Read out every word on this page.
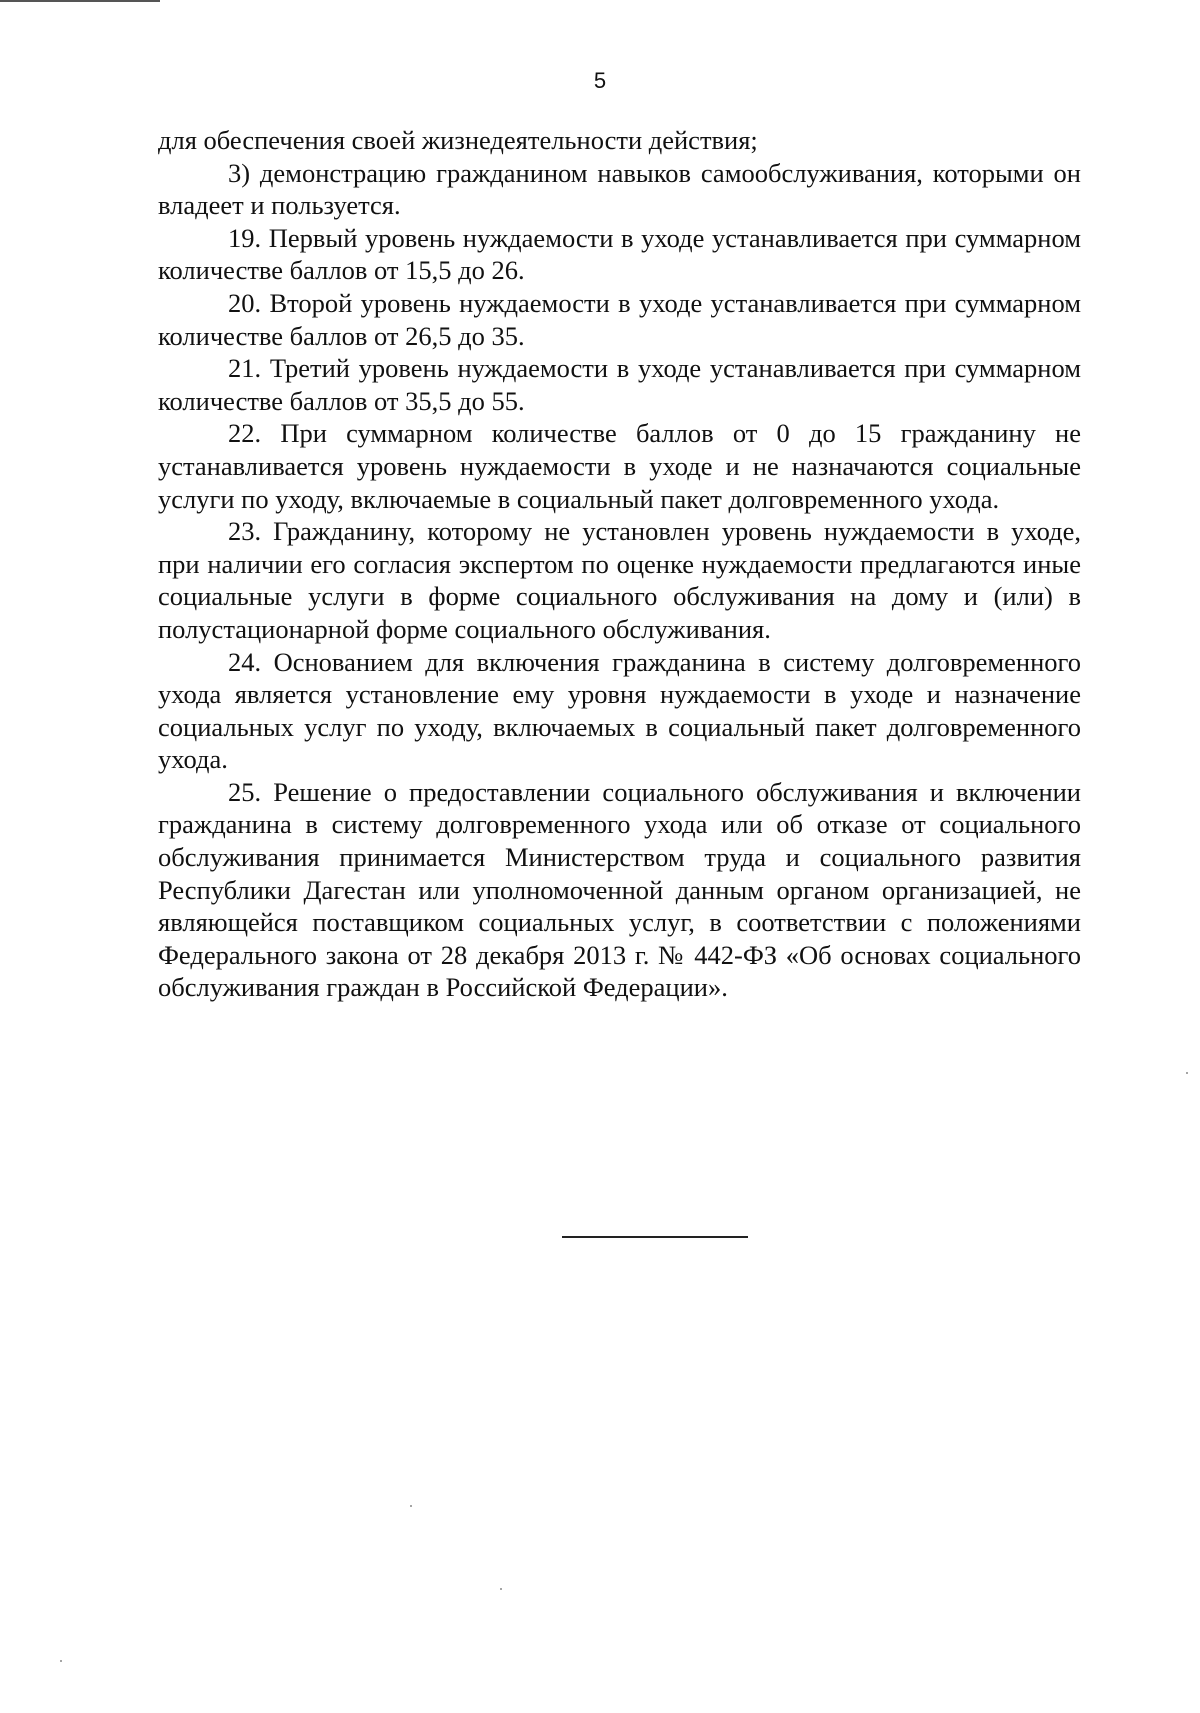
5

для обеспечения своей жизнедеятельности действия;

3) демонстрацию гражданином навыков самообслуживания, которыми он владеет и пользуется.

19. Первый уровень нуждаемости в уходе устанавливается при суммарном количестве баллов от 15,5 до 26.

20. Второй уровень нуждаемости в уходе устанавливается при суммарном количестве баллов от 26,5 до 35.

21. Третий уровень нуждаемости в уходе устанавливается при суммарном количестве баллов от 35,5 до 55.

22. При суммарном количестве баллов от 0 до 15 гражданину не устанавливается уровень нуждаемости в уходе и не назначаются социальные услуги по уходу, включаемые в социальный пакет долговременного ухода.

23. Гражданину, которому не установлен уровень нуждаемости в уходе, при наличии его согласия экспертом по оценке нуждаемости предлагаются иные социальные услуги в форме социального обслуживания на дому и (или) в полустационарной форме социального обслуживания.

24. Основанием для включения гражданина в систему долговременного ухода является установление ему уровня нуждаемости в уходе и назначение социальных услуг по уходу, включаемых в социальный пакет долговременного ухода.

25. Решение о предоставлении социального обслуживания и включении гражданина в систему долговременного ухода или об отказе от социального обслуживания принимается Министерством труда и социального развития Республики Дагестан или уполномоченной данным органом организацией, не являющейся поставщиком социальных услуг, в соответствии с положениями Федерального закона от 28 декабря 2013 г. № 442-ФЗ «Об основах социального обслуживания граждан в Российской Федерации».
